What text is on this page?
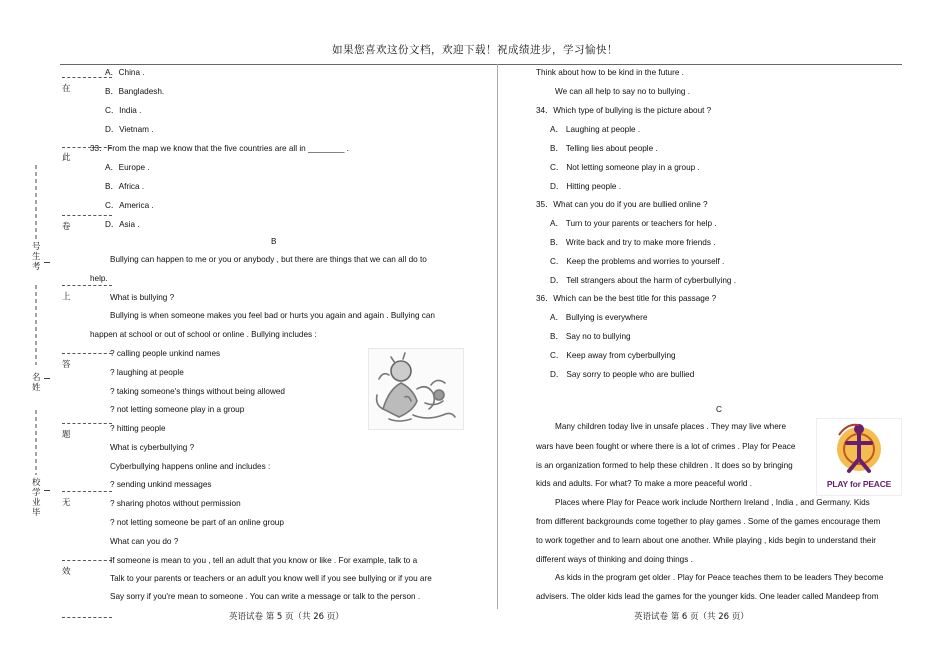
如果您喜欢这份文档，欢迎下载！祝成绩进步，学习愉快！
在
此
卷
上
答
题
无
效
号生考
名姓
校学业毕
A．China .
B．Bangladesh.
C．India .
D．Vietnam .
33．From the map we know that the five countries are all in ________ .
A．Europe .
B．Africa .
C．America .
D．Asia .
B
Bullying can happen to me or you or anybody , but there are things that we can all do to
help.
What is bullying ?
Bullying is when someone makes you feel bad or hurts you again and again . Bullying can
happen at school or out of school or online . Bullying includes :
? calling people unkind names
? laughing at people
? taking someone's things without being allowed
? not letting someone play in a group
? hitting people
What is cyberbullying ?
Cyberbullying happens online and includes :
? sending unkind messages
? sharing photos without permission
? not letting someone be part of an online group
What can you do ?
If someone is mean to you , tell an adult that you know or like . For example, talk to a
Talk to your parents or teachers or an adult you know well if you see bullying or if you are
Say sorry if you're mean to someone . You can write a message or talk to the person .
英语试卷 第 5 页（共 26 页）
Think about how to be kind in the future .
We can all help to say no to bullying .
34．Which type of bullying is the picture about ?
A． Laughing at people .
B． Telling lies about people .
C． Not letting someone play in a group .
D． Hitting people .
35．What can you do if you are bullied online ?
A． Turn to your parents or teachers for help .
B． Write back and try to make more friends .
C． Keep the problems and worries to yourself .
D． Tell strangers about the harm of cyberbullying .
36．Which can be the best title for this passage ?
A． Bullying is everywhere
B． Say no to bullying
C． Keep away from cyberbullying
D． Say sorry to people who are bullied
C
Many children today live in unsafe places . They may live where
wars have been fought or where there is a lot of crimes . Play for Peace
is an organization formed to help these children . It does so by bringing
kids and adults. For what? To make a more peaceful world .
Places where Play for Peace work include Northern Ireland , India , and Germany. Kids
from different backgrounds come together to play games . Some of the games encourage them
to work together and to learn about one another. While playing , kids begin to understand their
different ways of thinking and doing things .
As kids in the program get older . Play for Peace teaches them to be leaders They become
advisers. The older kids lead the games for the younger kids. One leader called Mandeep from
PLAY for PEACE
英语试卷 第 6 页（共 26 页）
